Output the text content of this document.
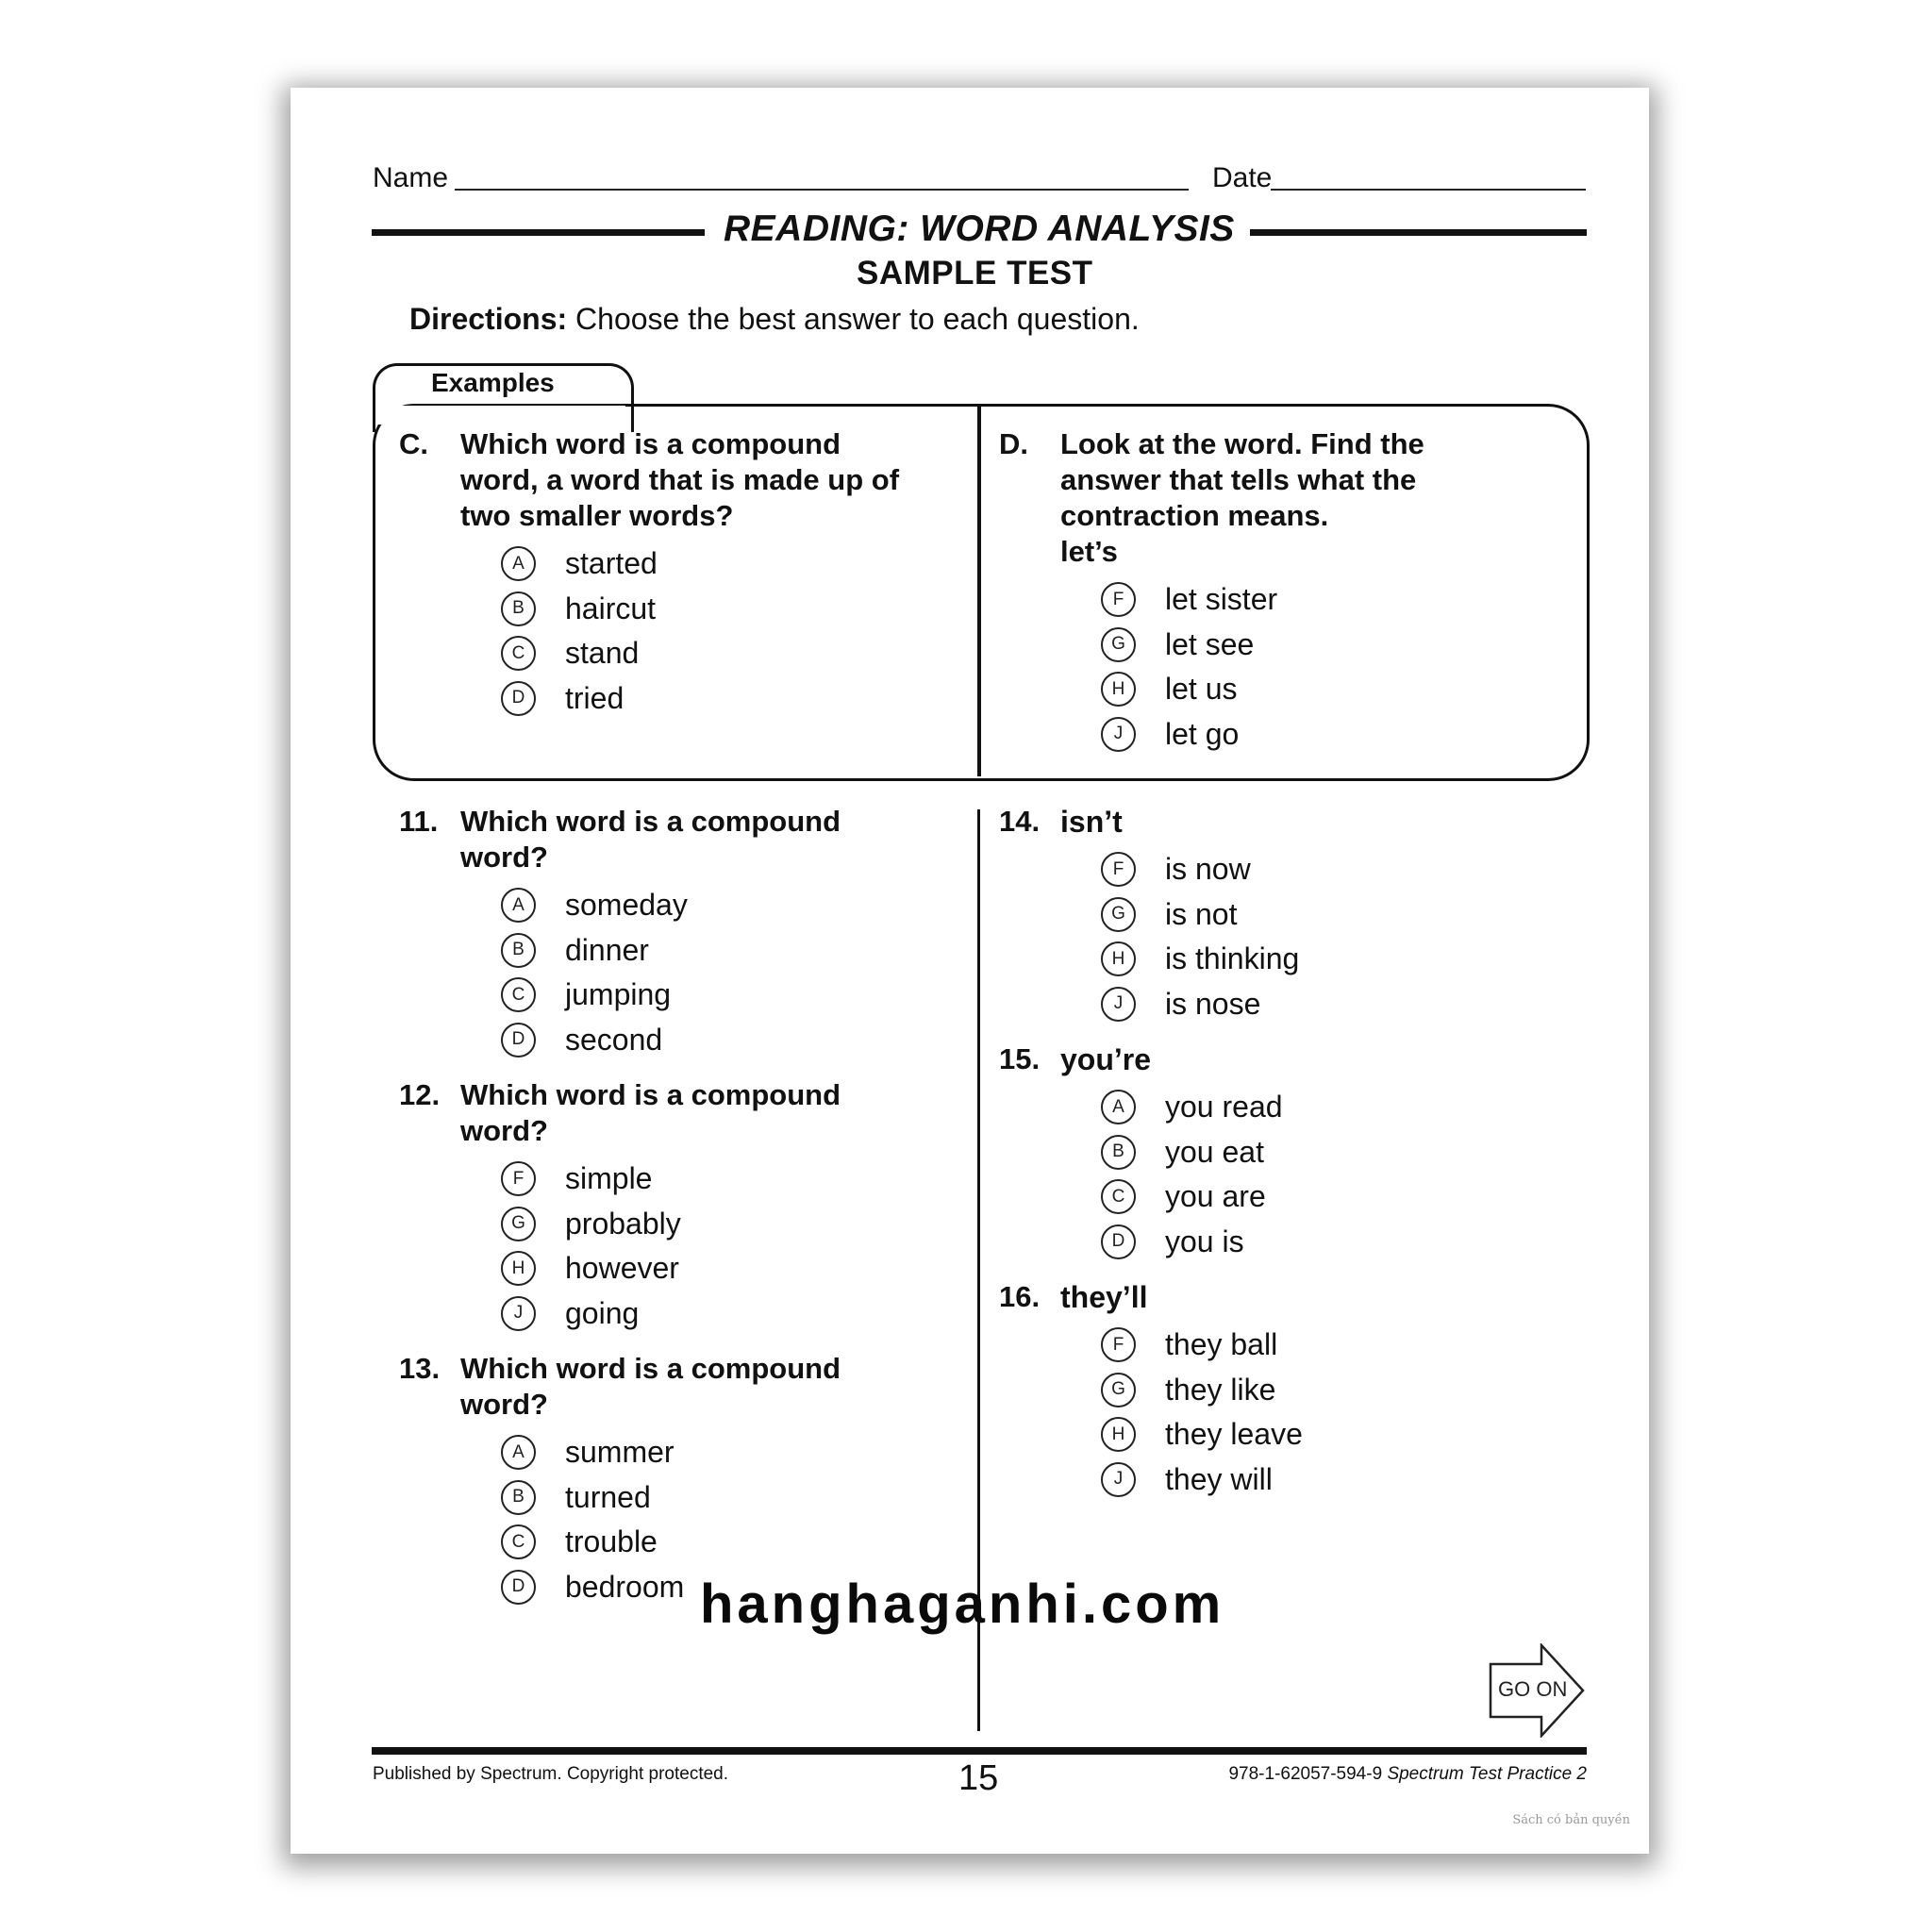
Name	Date
READING: WORD ANALYSIS
SAMPLE TEST
Directions: Choose the best answer to each question.
Examples
C.	Which word is a compound
word, a word that is made up of
two smaller words?
A	started
B	haircut
C	stand
D	tried
D.	Look at the word. Find the
answer that tells what the
contraction means.
let’s
F	let sister
G	let see
H	let us
J	let go
11. Which word is a compound
word?
A	someday
B	dinner
C	jumping
D	second
12. Which word is a compound
word?
F	simple
G	probably
H	however
J	going
13. Which word is a compound
word?
A	summer
B	turned
C	trouble
D	bedroom
14. isn’t
F	is now
G	is not
H	is thinking
J	is nose
15. you’re
A	you read
B	you eat
C	you are
D	you is
16. they’ll
F	they ball
G	they like
H	they leave
J	they will
hanghaganhi.com
GO ON
Published by Spectrum. Copyright protected.	15	978-1-62057-594-9 Spectrum Test Practice 2
Sách có bản quyền
